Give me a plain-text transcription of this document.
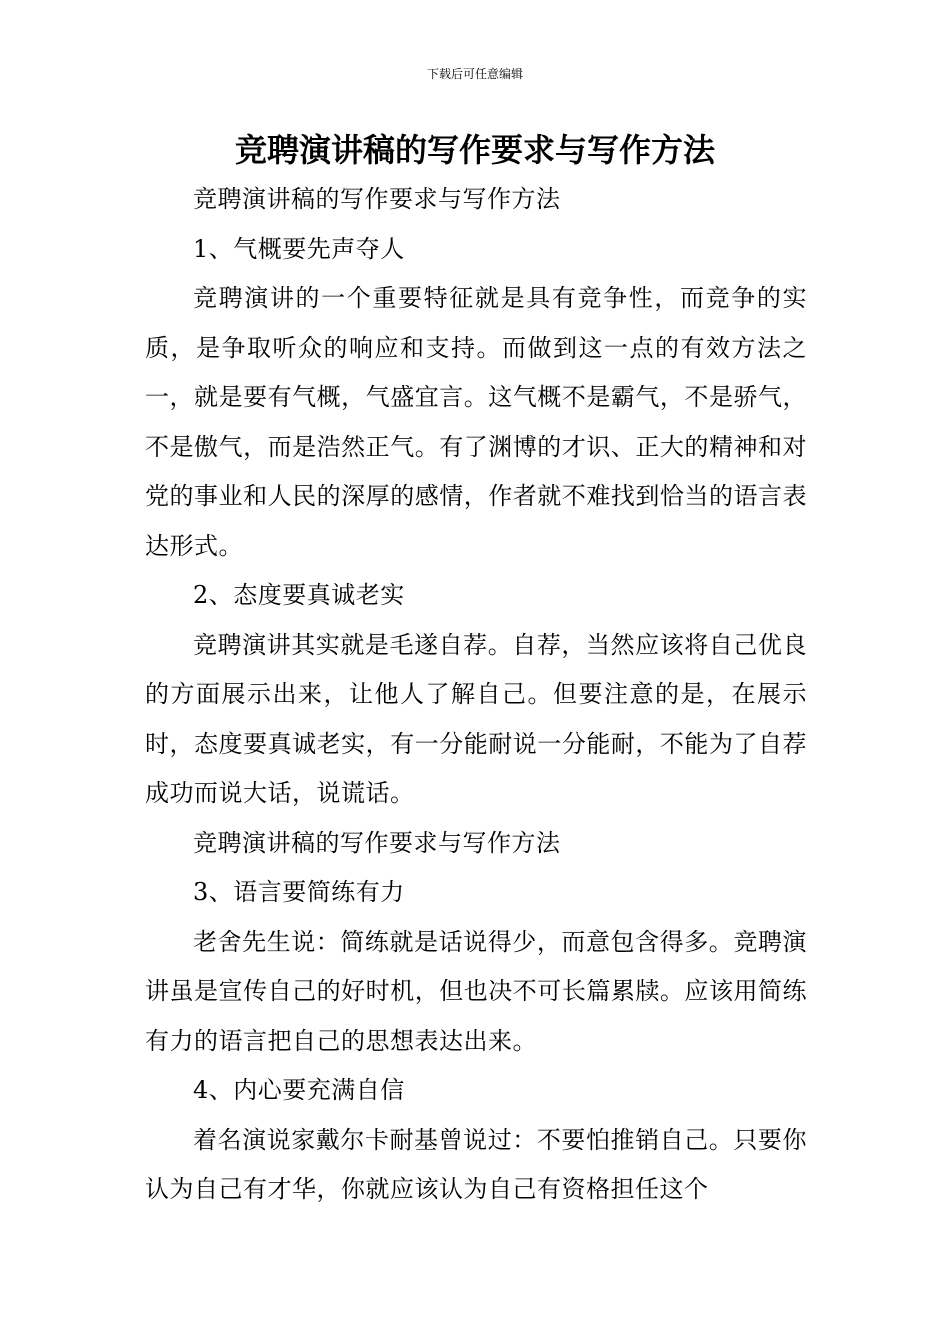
下载后可任意编辑
竞聘演讲稿的写作要求与写作方法

竞聘演讲稿的写作要求与写作方法

1、气概要先声夺人

竞聘演讲的一个重要特征就是具有竞争性，而竞争的实质，是争取听众的响应和支持。而做到这一点的有效方法之一，就是要有气概，气盛宜言。这气概不是霸气，不是骄气，不是傲气，而是浩然正气。有了渊博的才识、正大的精神和对党的事业和人民的深厚的感情，作者就不难找到恰当的语言表达形式。

2、态度要真诚老实

竞聘演讲其实就是毛遂自荐。自荐，当然应该将自己优良的方面展示出来，让他人了解自己。但要注意的是，在展示时，态度要真诚老实，有一分能耐说一分能耐，不能为了自荐成功而说大话，说谎话。

竞聘演讲稿的写作要求与写作方法

3、语言要简练有力

老舍先生说：简练就是话说得少，而意包含得多。竞聘演讲虽是宣传自己的好时机，但也决不可长篇累牍。应该用简练有力的语言把自己的思想表达出来。

4、内心要充满自信

着名演说家戴尔卡耐基曾说过：不要怕推销自己。只要你认为自己有才华，你就应该认为自己有资格担任这个
